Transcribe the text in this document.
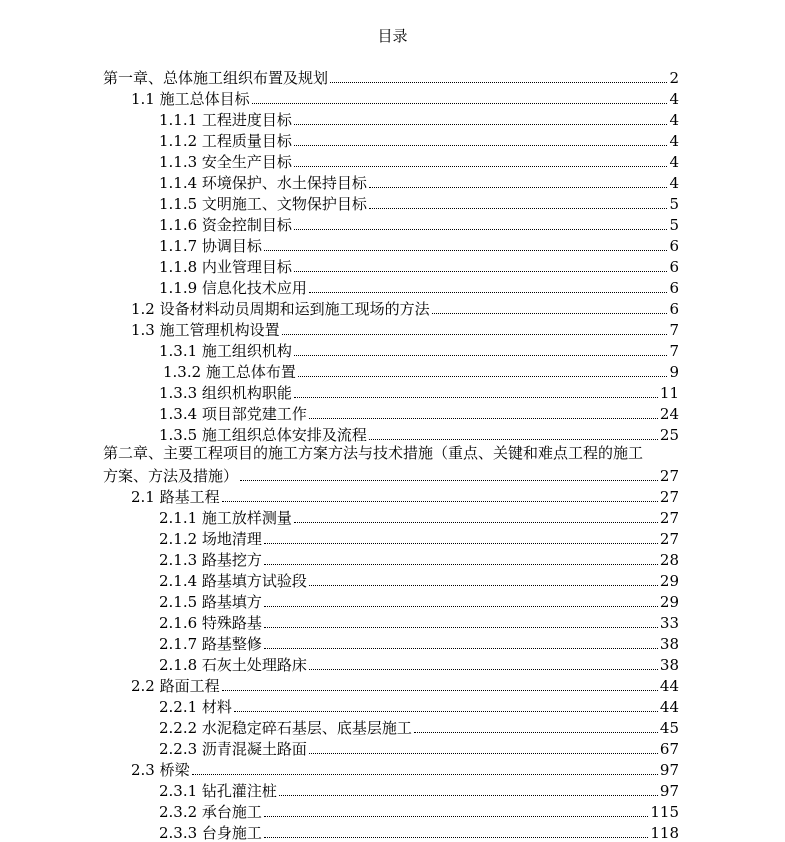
目录
第一章、总体施工组织布置及规划	2
1.1 施工总体目标	4
1.1.1 工程进度目标	4
1.1.2 工程质量目标	4
1.1.3 安全生产目标	4
1.1.4 环境保护、水土保持目标	4
1.1.5 文明施工、文物保护目标	5
1.1.6 资金控制目标	5
1.1.7 协调目标	6
1.1.8 内业管理目标	6
1.1.9 信息化技术应用	6
1.2 设备材料动员周期和运到施工现场的方法	6
1.3 施工管理机构设置	7
1.3.1 施工组织机构	7
1.3.2 施工总体布置	9
1.3.3 组织机构职能	11
1.3.4 项目部党建工作	24
1.3.5 施工组织总体安排及流程	25
第二章、主要工程项目的施工方案方法与技术措施（重点、关键和难点工程的施工
方案、方法及措施）	27
2.1 路基工程	27
2.1.1 施工放样测量	27
2.1.2 场地清理	27
2.1.3 路基挖方	28
2.1.4 路基填方试验段	29
2.1.5 路基填方	29
2.1.6 特殊路基	33
2.1.7 路基整修	38
2.1.8 石灰土处理路床	38
2.2 路面工程	44
2.2.1 材料	44
2.2.2 水泥稳定碎石基层、底基层施工	45
2.2.3 沥青混凝土路面	67
2.3 桥梁	97
2.3.1 钻孔灌注桩	97
2.3.2 承台施工	115
2.3.3 台身施工	118
